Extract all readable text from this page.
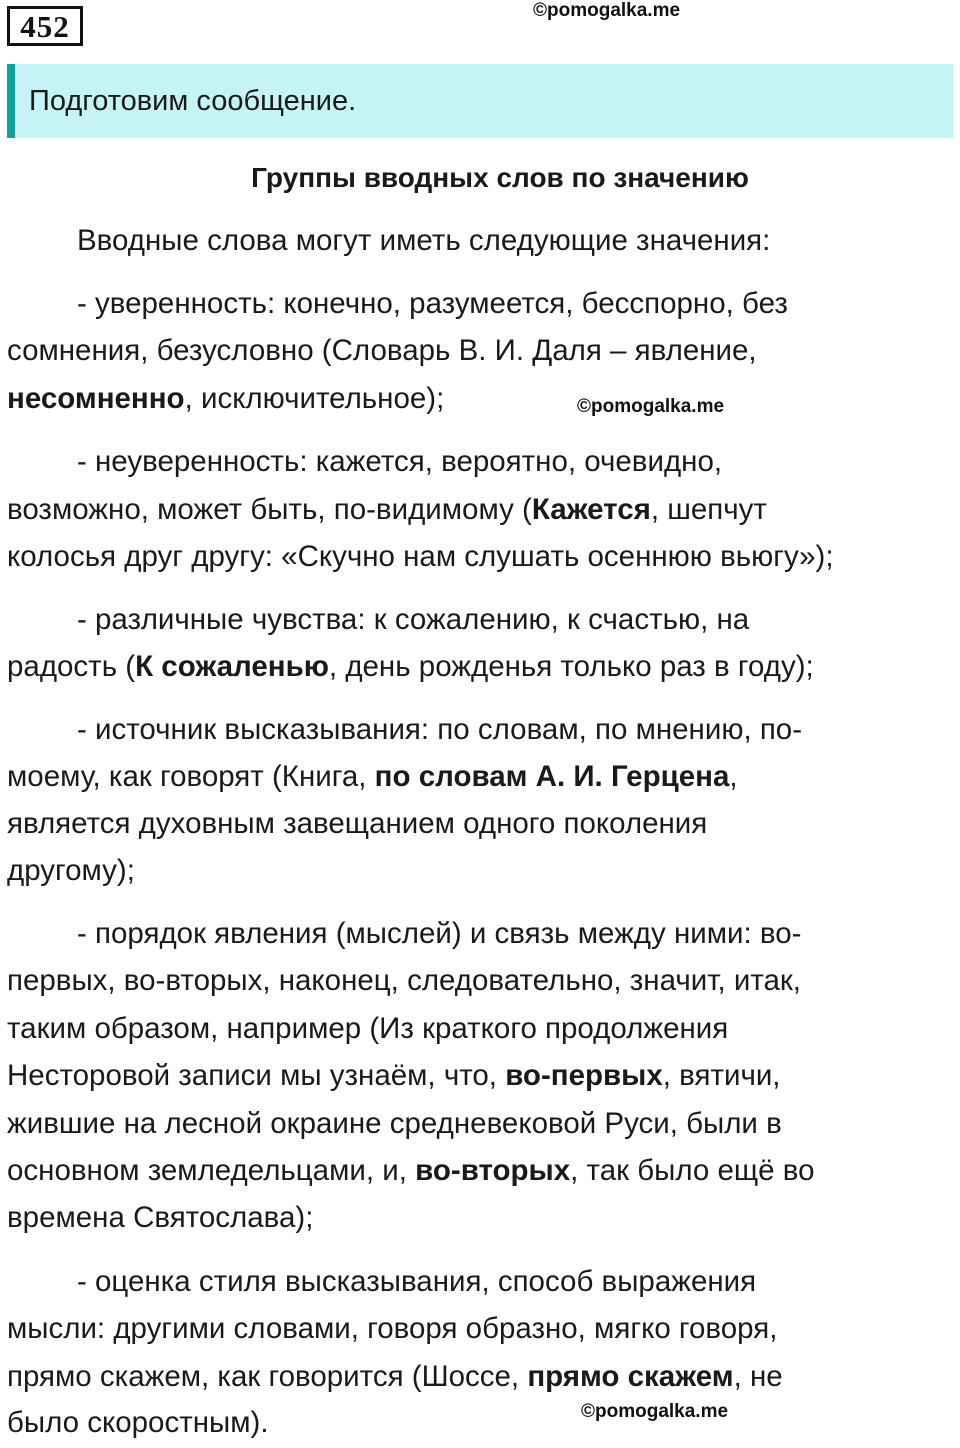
452	©pomogalka.me
Подготовим сообщение.
Группы вводных слов по значению
Вводные слова могут иметь следующие значения:
- уверенность: конечно, разумеется, бесспорно, без
сомнения, безусловно (Словарь В. И. Даля – явление,
несомненно, исключительное);	©pomogalka.me
- неуверенность: кажется, вероятно, очевидно,
возможно, может быть, по-видимому (Кажется, шепчут
колосья друг другу: «Скучно нам слушать осеннюю вьюгу»);
- различные чувства: к сожалению, к счастью, на
радость (К сожаленью, день рожденья только раз в году);
- источник высказывания: по словам, по мнению, по-
моему, как говорят (Книга, по словам А. И. Герцена,
является духовным завещанием одного поколения
другому);
- порядок явления (мыслей) и связь между ними: во-
первых, во-вторых, наконец, следовательно, значит, итак,
таким образом, например (Из краткого продолжения
Несторовой записи мы узнаём, что, во-первых, вятичи,
жившие на лесной окраине средневековой Руси, были в
основном земледельцами, и, во-вторых, так было ещё во
времена Святослава);
- оценка стиля высказывания, способ выражения
мысли: другими словами, говоря образно, мягко говоря,
прямо скажем, как говорится (Шоссе, прямо скажем, не
было скоростным).	©pomogalka.me
